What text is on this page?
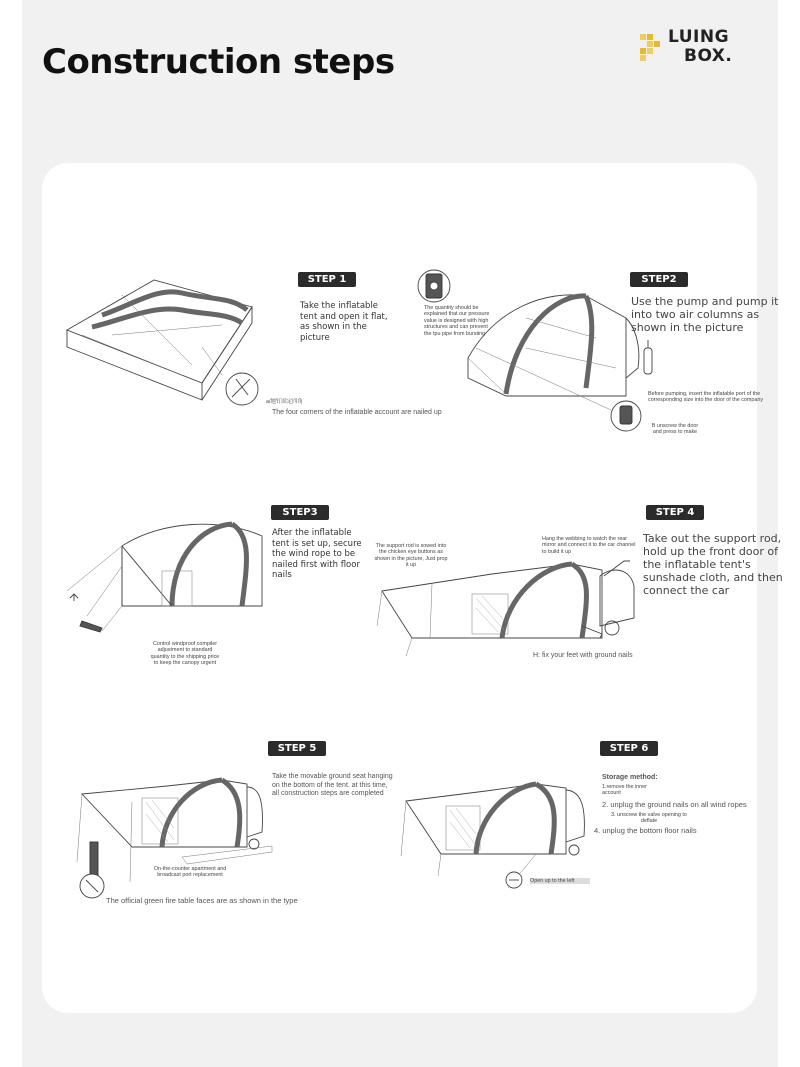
Construction steps
LUING
BOX.
STEP 1
Take the inflatable tent and open it flat, as shown in the picture
The quantity should be explained that our pressure value is designed with high structures and can prevent the tpu pipe from bursting
a/地钉固定四角
The four corners of the inflatable account are nailed up
STEP2
Use the pump and pump it into two air columns as shown in the picture
Before pumping, insert the inflatable port of the corresponding size into the door of the company
B unscrew the door and press to make
STEP3
After the inflatable tent is set up, secure the wind rope to be nailed first with floor nails
Control windproof compiler adjustment to standard quantity to the shipping price to keep the canopy urgent
The support rod is sowed into the chicken eye buttons as shown in the picture, Just prop it up
STEP 4
Take out the support rod, hold up the front door of the inflatable tent's sunshade cloth, and then connect the car
Hang the webbing to watch the rear mirror and connect it to the car channel to build it up
H: fix your feet with ground nails
STEP 5
Take the movable ground seat hanging on the bottom of the tent. at this time, all construction steps are completed
On-the-counter apartment and broadcast port replacement
The official green fire table faces are as shown in the type
STEP 6
Storage method:
1.remove the inner account
2. unplug the ground nails on all wind ropes
3. unscrew the valve opening to deflate
4. unplug the bottom floor nails
Open up to the left
